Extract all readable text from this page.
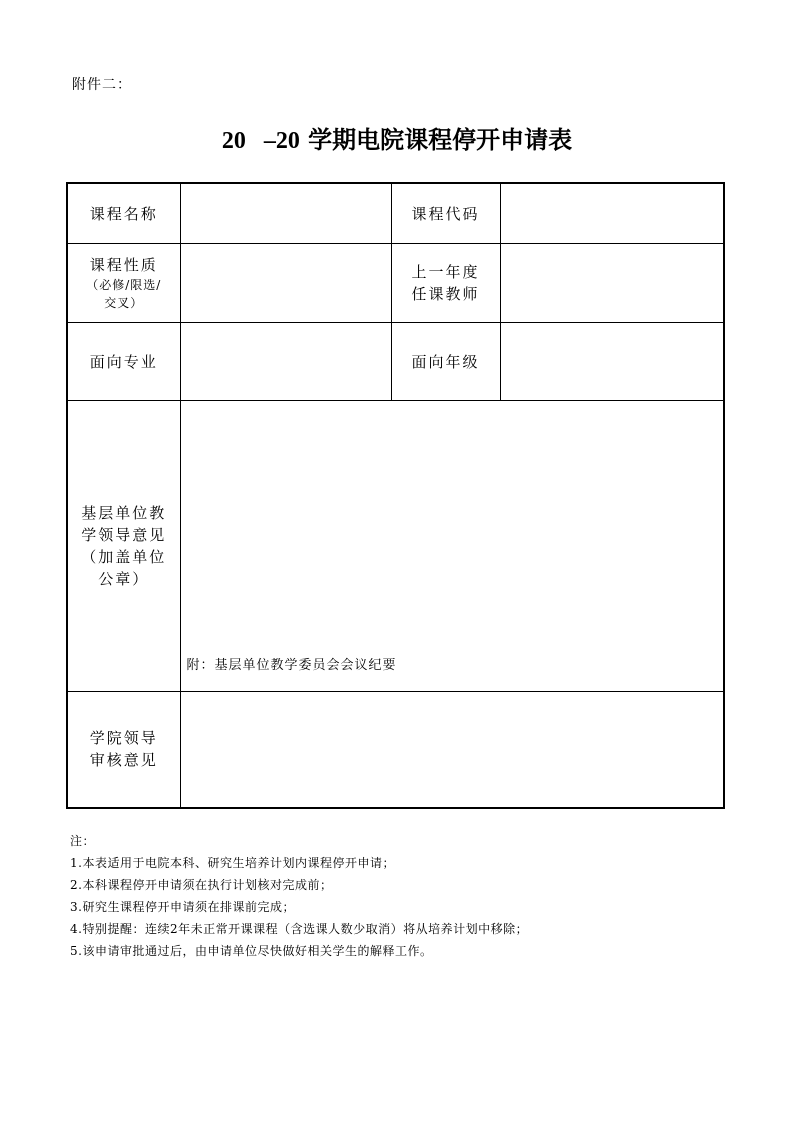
附件二：
20 –20 学期电院课程停开申请表
课程名称		课程代码	

课程性质
（必修/限选/
交叉）		上一年度
任课教师	

面向专业		面向年级	

基层单位教
学领导意见
（加盖单位
公章）	附：基层单位教学委员会会议纪要		

学院领导
审核意见			

注：
1.本表适用于电院本科、研究生培养计划内课程停开申请；
2.本科课程停开申请须在执行计划核对完成前；
3.研究生课程停开申请须在排课前完成；
4.特别提醒：连续2年未正常开课课程（含选课人数少取消）将从培养计划中移除；
5.该申请审批通过后，由申请单位尽快做好相关学生的解释工作。
